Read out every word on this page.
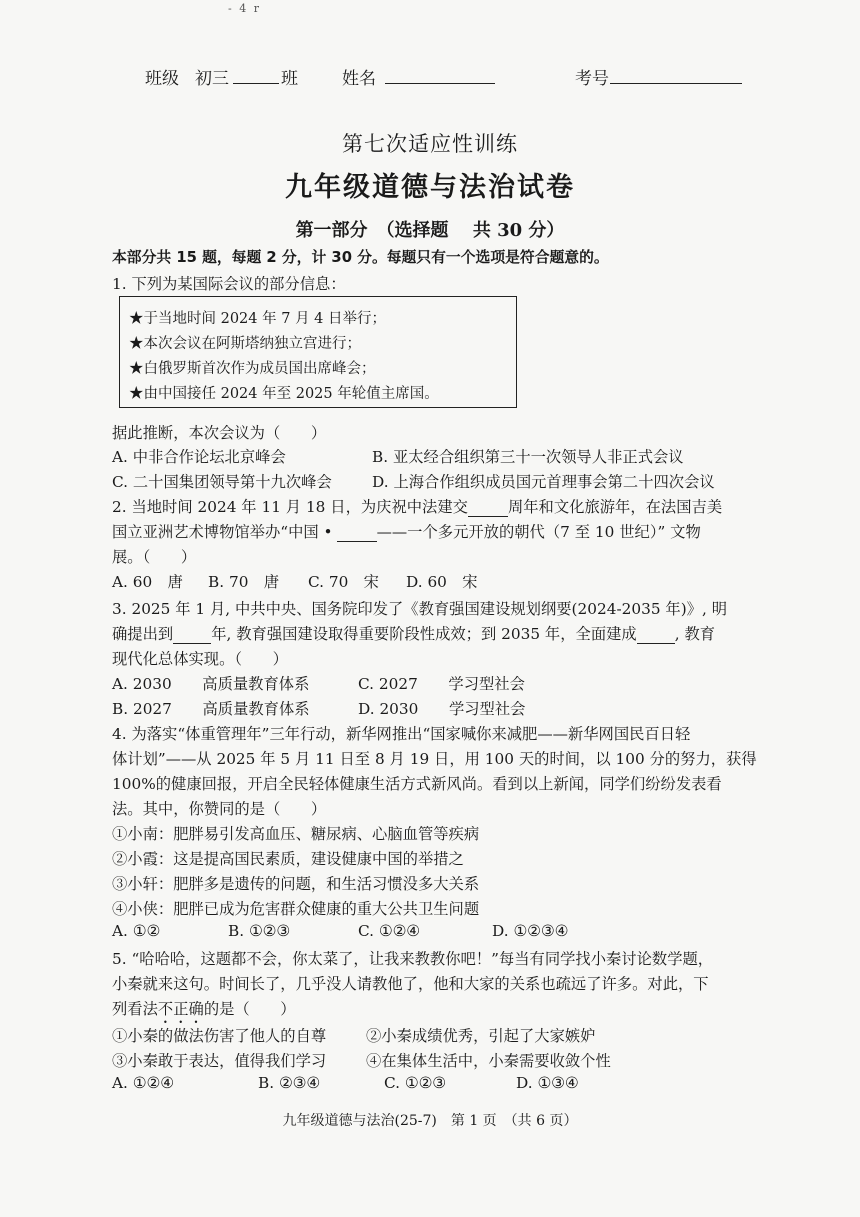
- 4 r
班级 初三	班	姓名	考号
第七次适应性训练
九年级道德与法治试卷
第一部分　（选择题　 共 30 分）
本部分共 15 题，每题 2 分，计 30 分。每题只有一个选项是符合题意的。
1. 下列为某国际会议的部分信息：
★于当地时间 2024 年 7 月 4 日举行；
★本次会议在阿斯塔纳独立宫进行；
★白俄罗斯首次作为成员国出席峰会；
★由中国接任 2024 年至 2025 年轮值主席国。
据此推断，本次会议为（　　）
A. 中非合作论坛北京峰会	B. 亚太经合组织第三十一次领导人非正式会议
C. 二十国集团领导第十九次峰会	D. 上海合作组织成员国元首理事会第二十四次会议
2. 当地时间 2024 年 11 月 18 日，为庆祝中法建交	周年和文化旅游年，在法国吉美
国立亚洲艺术博物馆举办“中国 •	——一个多元开放的朝代（7 至 10 世纪）” 文物
展。（　　）
A. 60　唐 B. 70　唐 C. 70　宋 D. 60　宋
3. 2025 年 1 月, 中共中央、国务院印发了《教育强国建设规划纲要(2024-2035 年)》, 明
确提出到 年, 教育强国建设取得重要阶段性成效；到 2035 年，全面建成 , 教育
现代化总体实现。（　　）
A. 2030　　高质量教育体系	C. 2027　　学习型社会
B. 2027　　高质量教育体系	D. 2030　　学习型社会
4. 为落实“体重管理年”三年行动，新华网推出“国家喊你来减肥——新华网国民百日轻
体计划”——从 2025 年 5 月 11 日至 8 月 19 日，用 100 天的时间，以 100 分的努力，获得
100%的健康回报，开启全民轻体健康生活方式新风尚。看到以上新闻，同学们纷纷发表看
法。其中，你赞同的是（　　）
①小南：肥胖易引发高血压、糖尿病、心脑血管等疾病
②小霞：这是提高国民素质，建设健康中国的举措之
③小轩：肥胖多是遗传的问题，和生活习惯没多大关系
④小侠：肥胖已成为危害群众健康的重大公共卫生问题
A. ①②	B. ①②③	C. ①②④	D. ①②③④
5. “哈哈哈，这题都不会，你太菜了，让我来教教你吧！”每当有同学找小秦讨论数学题，
小秦就来这句。时间长了，几乎没人请教他了，他和大家的关系也疏远了许多。对此，下
列看法不正确的是（　　）
①小秦的做法伤害了他人的自尊	②小秦成绩优秀，引起了大家嫉妒
③小秦敢于表达，值得我们学习	④在集体生活中，小秦需要收敛个性
A. ①②④	B. ②③④	C. ①②③	D. ①③④
九年级道德与法治(25-7)　第 1 页　（共 6 页）
